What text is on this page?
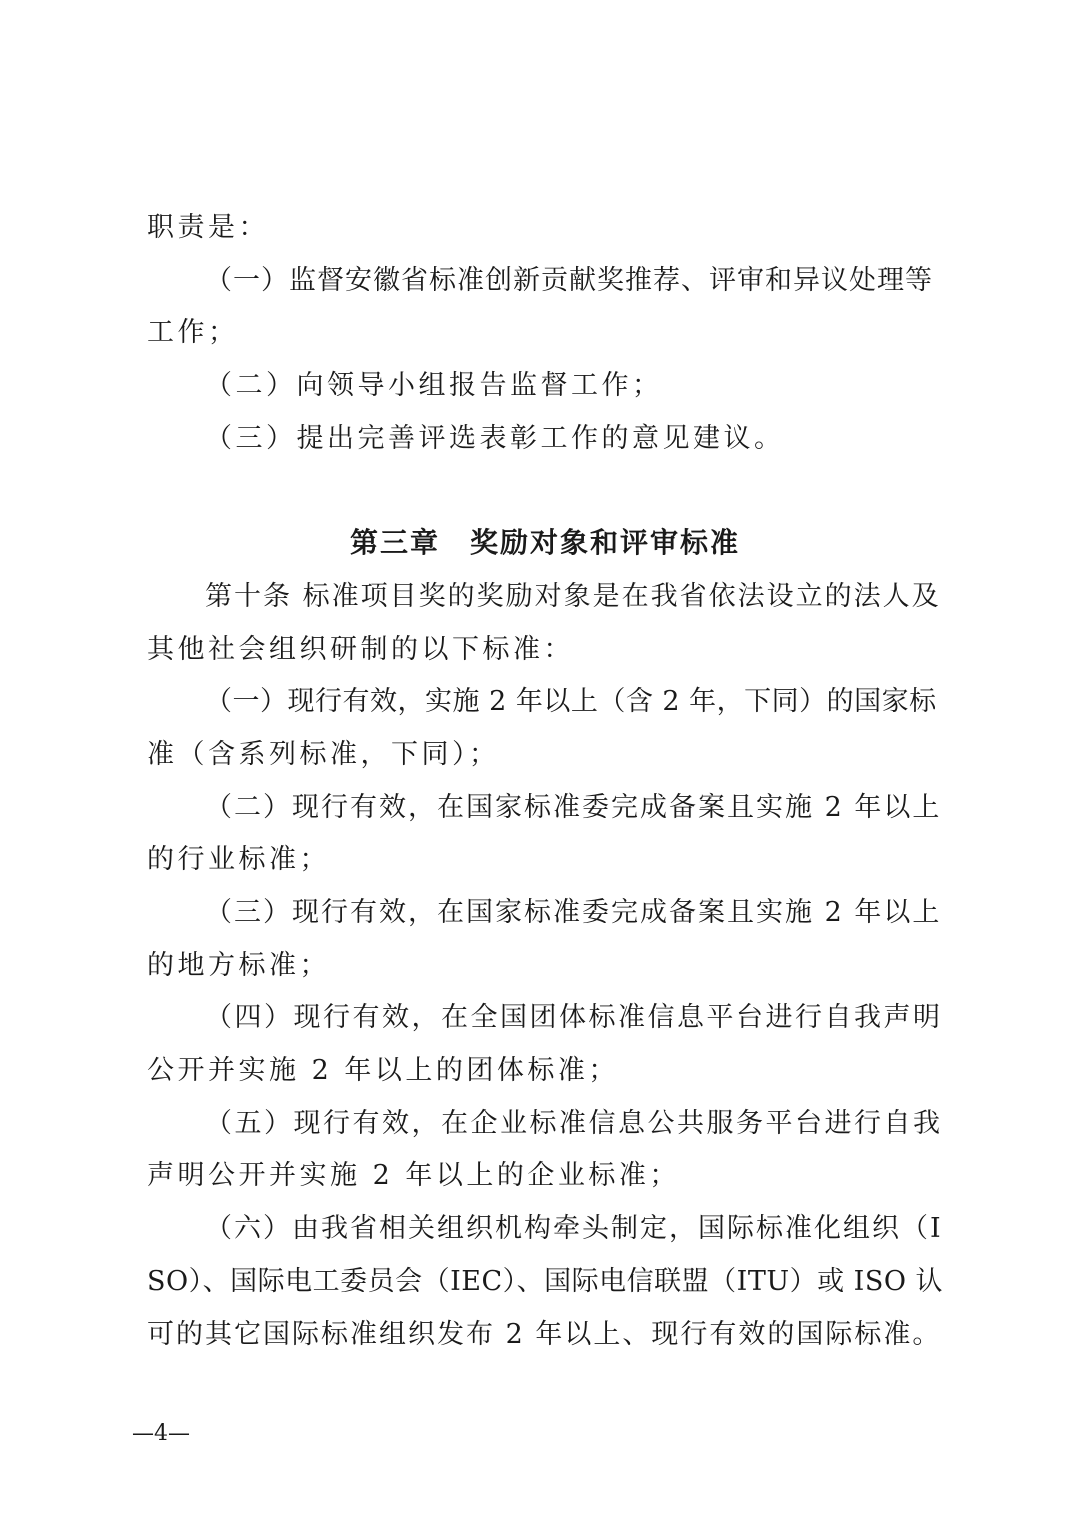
职责是：
（一）监督安徽省标准创新贡献奖推荐、评审和异议处理等
工作；
（二）向领导小组报告监督工作；
（三）提出完善评选表彰工作的意见建议。
第三章　奖励对象和评审标准
第十条 标准项目奖的奖励对象是在我省依法设立的法人及
其他社会组织研制的以下标准：
（一）现行有效，实施 2 年以上（含 2 年，下同）的国家标
准（含系列标准，下同）；
（二）现行有效，在国家标准委完成备案且实施 2 年以上
的行业标准；
（三）现行有效，在国家标准委完成备案且实施 2 年以上
的地方标准；
（四）现行有效，在全国团体标准信息平台进行自我声明
公开并实施 2 年以上的团体标准；
（五）现行有效，在企业标准信息公共服务平台进行自我
声明公开并实施 2 年以上的企业标准；
（六）由我省相关组织机构牵头制定，国际标准化组织（I
SO）、国际电工委员会（IEC）、国际电信联盟（ITU）或 ISO 认
可的其它国际标准组织发布 2 年以上、现行有效的国际标准。
—4—
